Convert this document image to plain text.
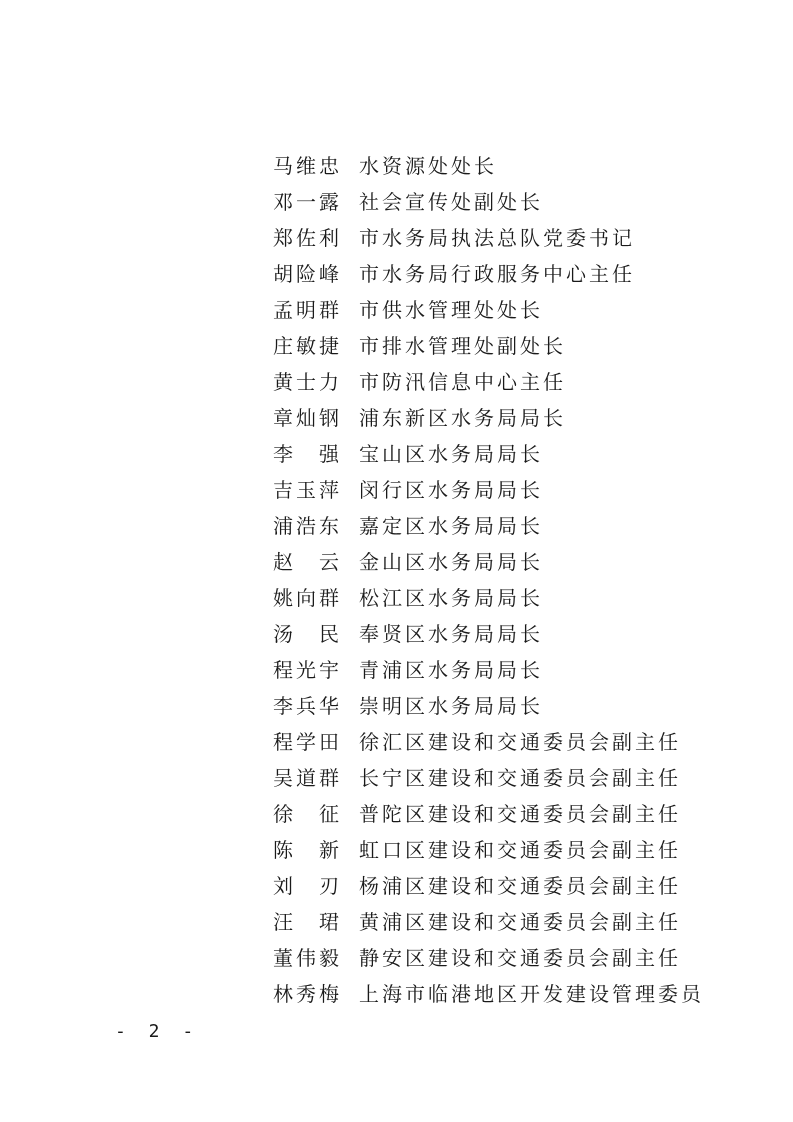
马维忠 水资源处处长
邓一露 社会宣传处副处长
郑佐利 市水务局执法总队党委书记
胡险峰 市水务局行政服务中心主任
孟明群 市供水管理处处长
庄敏捷 市排水管理处副处长
黄士力 市防汛信息中心主任
章灿钢 浦东新区水务局局长
李 强 宝山区水务局局长
吉玉萍 闵行区水务局局长
浦浩东 嘉定区水务局局长
赵 云 金山区水务局局长
姚向群 松江区水务局局长
汤 民 奉贤区水务局局长
程光宇 青浦区水务局局长
李兵华 崇明区水务局局长
程学田 徐汇区建设和交通委员会副主任
吴道群 长宁区建设和交通委员会副主任
徐 征 普陀区建设和交通委员会副主任
陈 新 虹口区建设和交通委员会副主任
刘 刃 杨浦区建设和交通委员会副主任
汪 珺 黄浦区建设和交通委员会副主任
董伟毅 静安区建设和交通委员会副主任
林秀梅 上海市临港地区开发建设管理委员
- 2 -
